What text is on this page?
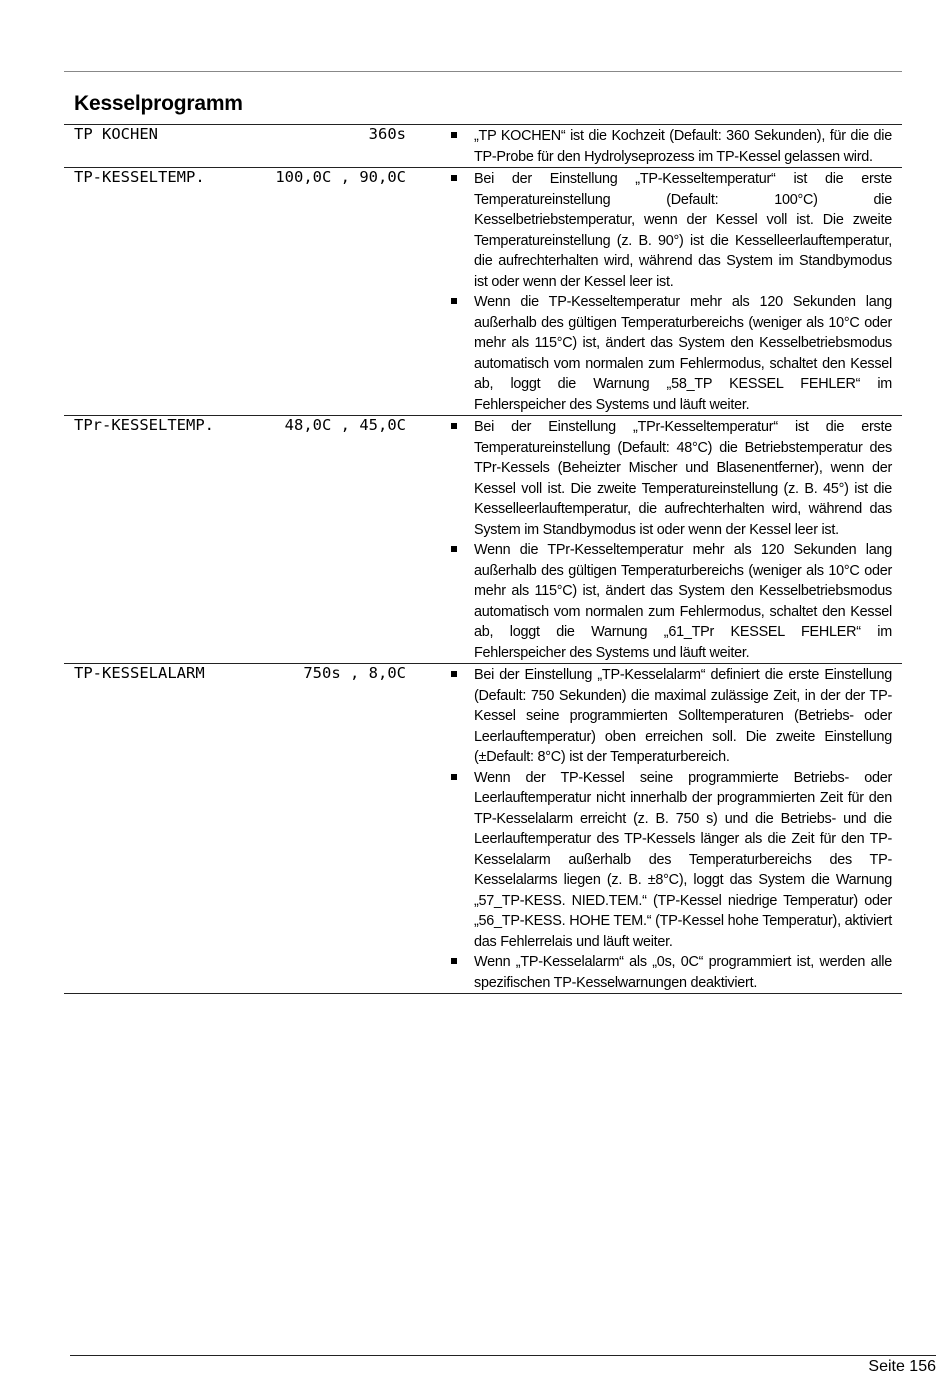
Kesselprogramm
TP KOCHEN	360s	„TP KOCHEN“ ist die Kochzeit (Default: 360 Sekunden), für die die TP-Probe für den Hydrolyseprozess im TP-Kessel gelassen wird.
TP-KESSELTEMP.	100,0C , 90,0C	Bei der Einstellung „TP-Kesseltemperatur“ ist die erste Temperatureinstellung (Default: 100°C) die Kesselbetriebstemperatur, wenn der Kessel voll ist. Die zweite Temperatureinstellung (z. B. 90°) ist die Kesselleerlauftemperatur, die aufrechterhalten wird, während das System im Standbymodus ist oder wenn der Kessel leer ist.
Wenn die TP-Kesseltemperatur mehr als 120 Sekunden lang außerhalb des gültigen Temperaturbereichs (weniger als 10°C oder mehr als 115°C) ist, ändert das System den Kesselbetriebsmodus automatisch vom normalen zum Fehlermodus, schaltet den Kessel ab, loggt die Warnung „58_TP KESSEL FEHLER“ im Fehlerspeicher des Systems und läuft weiter.
TPr-KESSELTEMP.	48,0C , 45,0C	Bei der Einstellung „TPr-Kesseltemperatur“ ist die erste Temperatureinstellung (Default: 48°C) die Betriebstemperatur des TPr-Kessels (Beheizter Mischer und Blasenentferner), wenn der Kessel voll ist. Die zweite Temperatureinstellung (z. B. 45°) ist die Kesselleerlauftemperatur, die aufrechterhalten wird, während das System im Standbymodus ist oder wenn der Kessel leer ist.
Wenn die TPr-Kesseltemperatur mehr als 120 Sekunden lang außerhalb des gültigen Temperaturbereichs (weniger als 10°C oder mehr als 115°C) ist, ändert das System den Kesselbetriebsmodus automatisch vom normalen zum Fehlermodus, schaltet den Kessel ab, loggt die Warnung „61_TPr KESSEL FEHLER“ im Fehlerspeicher des Systems und läuft weiter.
TP-KESSELALARM	750s , 8,0C	Bei der Einstellung „TP-Kesselalarm“ definiert die erste Einstellung (Default: 750 Sekunden) die maximal zulässige Zeit, in der der TP-Kessel seine programmierten Solltemperaturen (Betriebs- oder Leerlauftemperatur) oben erreichen soll. Die zweite Einstellung (±Default: 8°C) ist der Temperaturbereich.
Wenn der TP-Kessel seine programmierte Betriebs- oder Leerlauftemperatur nicht innerhalb der programmierten Zeit für den TP-Kesselalarm erreicht (z. B. 750 s) und die Betriebs- und die Leerlauftemperatur des TP-Kessels länger als die Zeit für den TP-Kesselalarm außerhalb des Temperaturbereichs des TP-Kesselalarms liegen (z. B. ±8°C), loggt das System die Warnung „57_TP-KESS. NIED.TEM.“ (TP-Kessel niedrige Temperatur) oder „56_TP-KESS. HOHE TEM.“ (TP-Kessel hohe Temperatur), aktiviert das Fehlerrelais und läuft weiter.
Wenn „TP-Kesselalarm“ als „0s, 0C“ programmiert ist, werden alle spezifischen TP-Kesselwarnungen deaktiviert.
Seite 156
